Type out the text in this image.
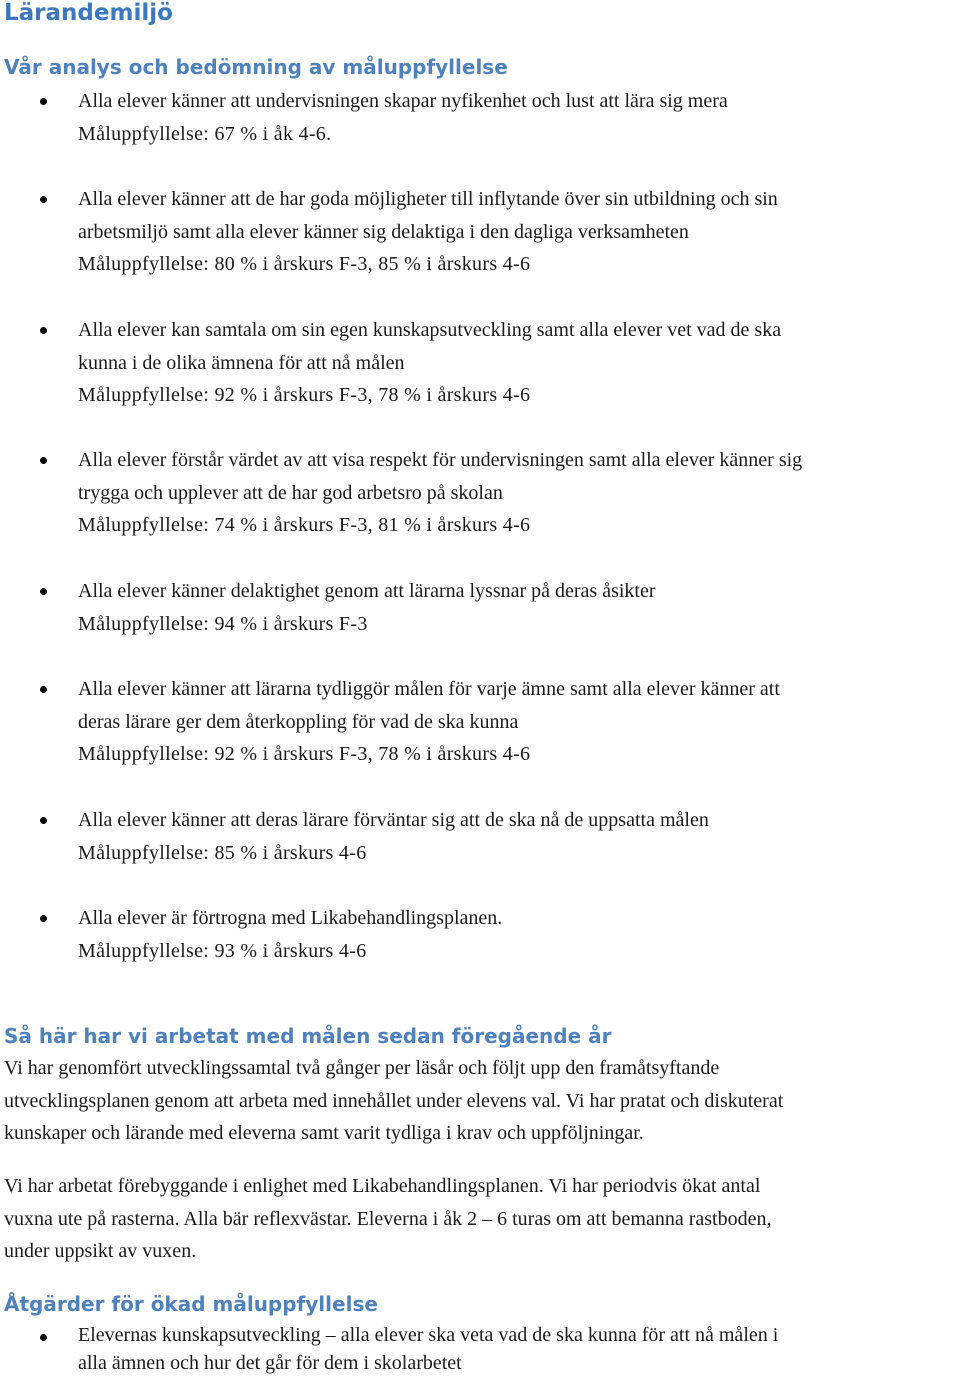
Lärandemiljö
Vår analys och bedömning av måluppfyllelse

Alla elever känner att undervisningen skapar nyfikenhet och lust att lära sig mera
Måluppfyllelse: 67 % i åk 4-6.

Alla elever känner att de har goda möjligheter till inflytande över sin utbildning och sin
arbetsmiljö samt alla elever känner sig delaktiga i den dagliga verksamheten
Måluppfyllelse: 80 % i årskurs F-3, 85 % i årskurs 4-6

Alla elever kan samtala om sin egen kunskapsutveckling samt alla elever vet vad de ska
kunna i de olika ämnena för att nå målen
Måluppfyllelse: 92 % i årskurs F-3, 78 % i årskurs 4-6

Alla elever förstår värdet av att visa respekt för undervisningen samt alla elever känner sig
trygga och upplever att de har god arbetsro på skolan
Måluppfyllelse: 74 % i årskurs F-3, 81 % i årskurs 4-6

Alla elever känner delaktighet genom att lärarna lyssnar på deras åsikter
Måluppfyllelse: 94 % i årskurs F-3

Alla elever känner att lärarna tydliggör målen för varje ämne samt alla elever känner att
deras lärare ger dem återkoppling för vad de ska kunna
Måluppfyllelse: 92 % i årskurs F-3, 78 % i årskurs 4-6

Alla elever känner att deras lärare förväntar sig att de ska nå de uppsatta målen
Måluppfyllelse: 85 % i årskurs 4-6

Alla elever är förtrogna med Likabehandlingsplanen.
Måluppfyllelse: 93 % i årskurs 4-6

Så här har vi arbetat med målen sedan föregående år

Vi har genomfört utvecklingssamtal två gånger per läsår och följt upp den framåtsyftande
utvecklingsplanen genom att arbeta med innehållet under elevens val. Vi har pratat och diskuterat
kunskaper och lärande med eleverna samt varit tydliga i krav och uppföljningar.

Vi har arbetat förebyggande i enlighet med Likabehandlingsplanen. Vi har periodvis ökat antal
vuxna ute på rasterna. Alla bär reflexvästar. Eleverna i åk 2 – 6 turas om att bemanna rastboden,
under uppsikt av vuxen.

Åtgärder för ökad måluppfyllelse

Elevernas kunskapsutveckling – alla elever ska veta vad de ska kunna för att nå målen i
alla ämnen och hur det går för dem i skolarbetet
